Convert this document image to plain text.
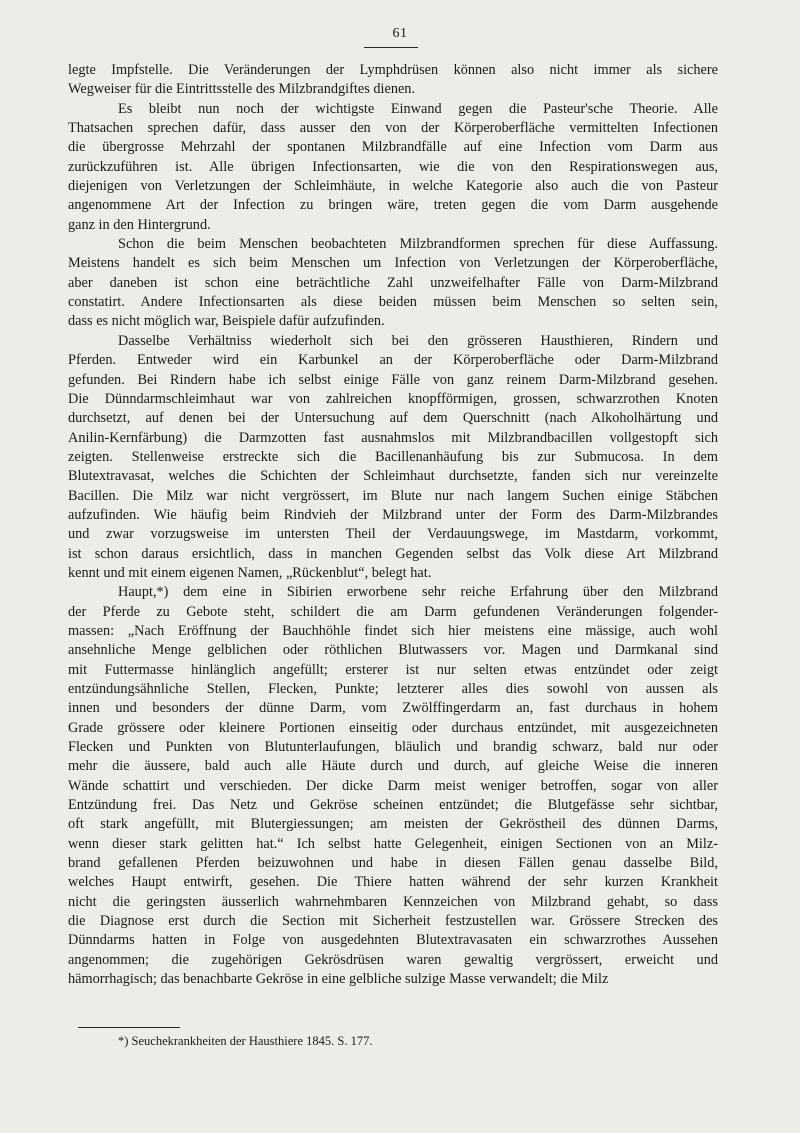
61
legte Impfstelle. Die Veränderungen der Lymphdrüsen können also nicht immer als sichere
Wegweiser für die Eintrittsstelle des Milzbrandgiftes dienen.
Es bleibt nun noch der wichtigste Einwand gegen die Pasteur'sche Theorie. Alle
Thatsachen sprechen dafür, dass ausser den von der Körperoberfläche vermittelten Infectionen
die übergrosse Mehrzahl der spontanen Milzbrandfälle auf eine Infection vom Darm aus
zurückzuführen ist. Alle übrigen Infectionsarten, wie die von den Respirationswegen aus,
diejenigen von Verletzungen der Schleimhäute, in welche Kategorie also auch die von Pasteur
angenommene Art der Infection zu bringen wäre, treten gegen die vom Darm ausgehende
ganz in den Hintergrund.
Schon die beim Menschen beobachteten Milzbrandformen sprechen für diese Auffassung.
Meistens handelt es sich beim Menschen um Infection von Verletzungen der Körperoberfläche,
aber daneben ist schon eine beträchtliche Zahl unzweifelhafter Fälle von Darm-Milzbrand
constatirt. Andere Infectionsarten als diese beiden müssen beim Menschen so selten sein,
dass es nicht möglich war, Beispiele dafür aufzufinden.
Dasselbe Verhältniss wiederholt sich bei den grösseren Hausthieren, Rindern und
Pferden. Entweder wird ein Karbunkel an der Körperoberfläche oder Darm-Milzbrand
gefunden. Bei Rindern habe ich selbst einige Fälle von ganz reinem Darm-Milzbrand gesehen.
Die Dünndarmschleimhaut war von zahlreichen knopfförmigen, grossen, schwarzrothen Knoten
durchsetzt, auf denen bei der Untersuchung auf dem Querschnitt (nach Alkoholhärtung und
Anilin-Kernfärbung) die Darmzotten fast ausnahmslos mit Milzbrandbacillen vollgestopft sich
zeigten. Stellenweise erstreckte sich die Bacillenanhäufung bis zur Submucosa. In dem
Blutextravasat, welches die Schichten der Schleimhaut durchsetzte, fanden sich nur vereinzelte
Bacillen. Die Milz war nicht vergrössert, im Blute nur nach langem Suchen einige Stäbchen
aufzufinden. Wie häufig beim Rindvieh der Milzbrand unter der Form des Darm-Milzbrandes
und zwar vorzugsweise im untersten Theil der Verdauungswege, im Mastdarm, vorkommt,
ist schon daraus ersichtlich, dass in manchen Gegenden selbst das Volk diese Art Milzbrand
kennt und mit einem eigenen Namen, „Rückenblut“, belegt hat.
Haupt,*) dem eine in Sibirien erworbene sehr reiche Erfahrung über den Milzbrand
der Pferde zu Gebote steht, schildert die am Darm gefundenen Veränderungen folgender-
massen: „Nach Eröffnung der Bauchhöhle findet sich hier meistens eine mässige, auch wohl
ansehnliche Menge gelblichen oder röthlichen Blutwassers vor. Magen und Darmkanal sind
mit Futtermasse hinlänglich angefüllt; ersterer ist nur selten etwas entzündet oder zeigt
entzündungsähnliche Stellen, Flecken, Punkte; letzterer alles dies sowohl von aussen als
innen und besonders der dünne Darm, vom Zwölffingerdarm an, fast durchaus in hohem
Grade grössere oder kleinere Portionen einseitig oder durchaus entzündet, mit ausgezeichneten
Flecken und Punkten von Blutunterlaufungen, bläulich und brandig schwarz, bald nur oder
mehr die äussere, bald auch alle Häute durch und durch, auf gleiche Weise die inneren
Wände schattirt und verschieden. Der dicke Darm meist weniger betroffen, sogar von aller
Entzündung frei. Das Netz und Gekröse scheinen entzündet; die Blutgefässe sehr sichtbar,
oft stark angefüllt, mit Blutergiessungen; am meisten der Gekröstheil des dünnen Darms,
wenn dieser stark gelitten hat.“ Ich selbst hatte Gelegenheit, einigen Sectionen von an Milz-
brand gefallenen Pferden beizuwohnen und habe in diesen Fällen genau dasselbe Bild,
welches Haupt entwirft, gesehen. Die Thiere hatten während der sehr kurzen Krankheit
nicht die geringsten äusserlich wahrnehmbaren Kennzeichen von Milzbrand gehabt, so dass
die Diagnose erst durch die Section mit Sicherheit festzustellen war. Grössere Strecken des
Dünndarms hatten in Folge von ausgedehnten Blutextravasaten ein schwarzrothes Aussehen
angenommen; die zugehörigen Gekrösdrüsen waren gewaltig vergrössert, erweicht und
hämorrhagisch; das benachbarte Gekröse in eine gelbliche sulzige Masse verwandelt; die Milz
*) Seuchekrankheiten der Hausthiere 1845. S. 177.
